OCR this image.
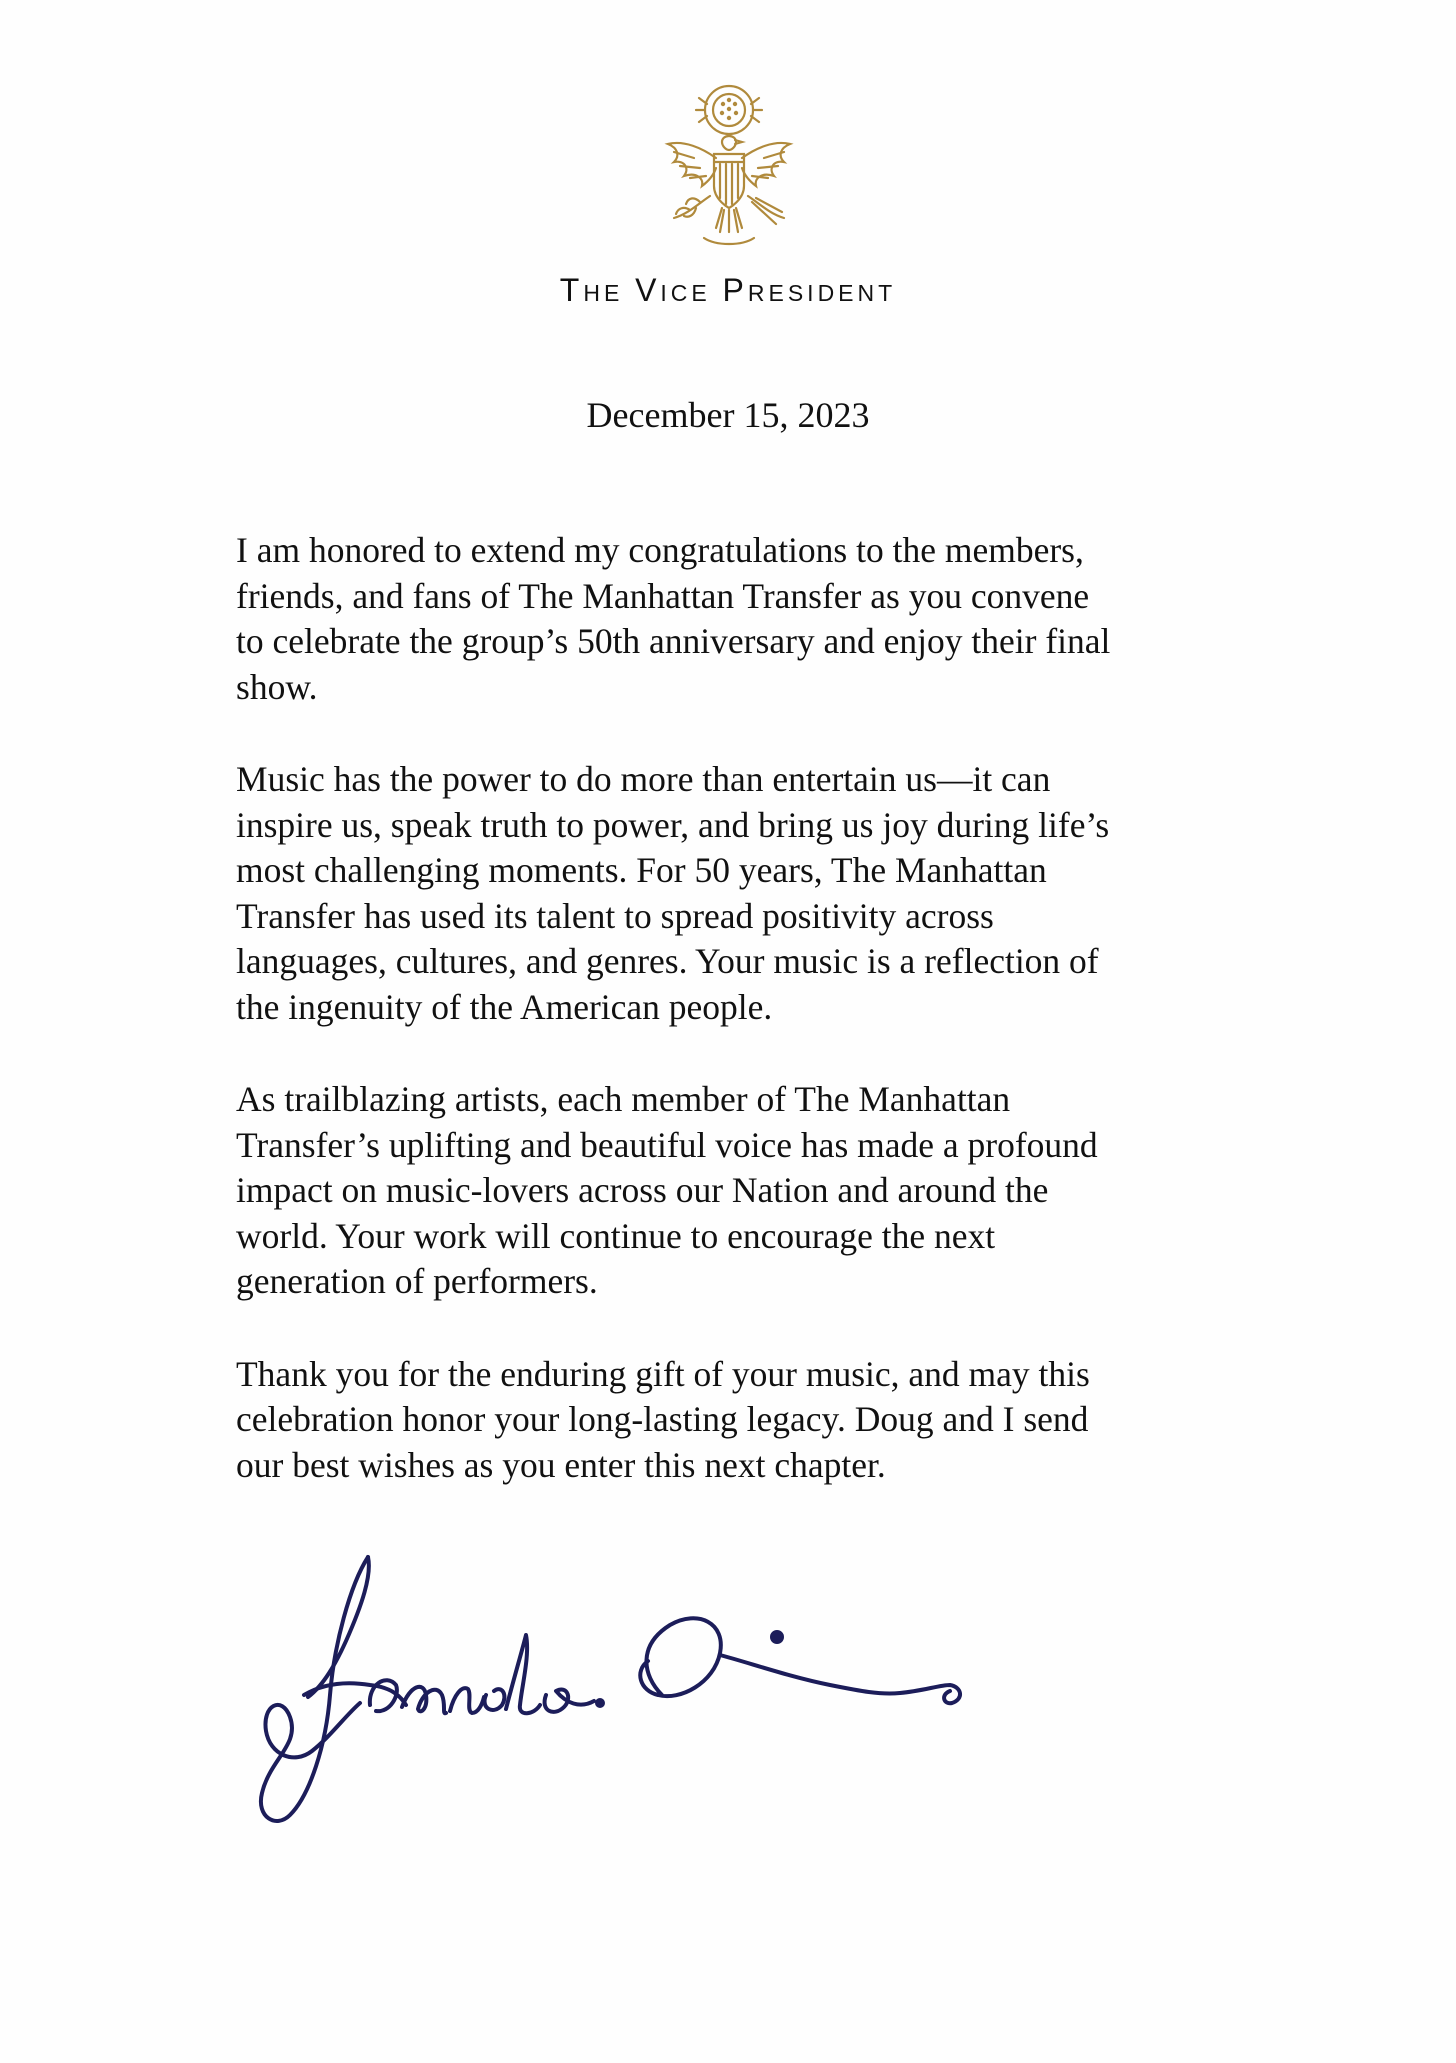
THE VICE PRESIDENT
December 15, 2023

I am honored to extend my congratulations to the members,
friends, and fans of The Manhattan Transfer as you convene
to celebrate the group’s 50th anniversary and enjoy their final
show.

Music has the power to do more than entertain us—it can
inspire us, speak truth to power, and bring us joy during life’s
most challenging moments. For 50 years, The Manhattan
Transfer has used its talent to spread positivity across
languages, cultures, and genres. Your music is a reflection of
the ingenuity of the American people.

As trailblazing artists, each member of The Manhattan
Transfer’s uplifting and beautiful voice has made a profound
impact on music-lovers across our Nation and around the
world. Your work will continue to encourage the next
generation of performers.

Thank you for the enduring gift of your music, and may this
celebration honor your long-lasting legacy. Doug and I send
our best wishes as you enter this next chapter.
